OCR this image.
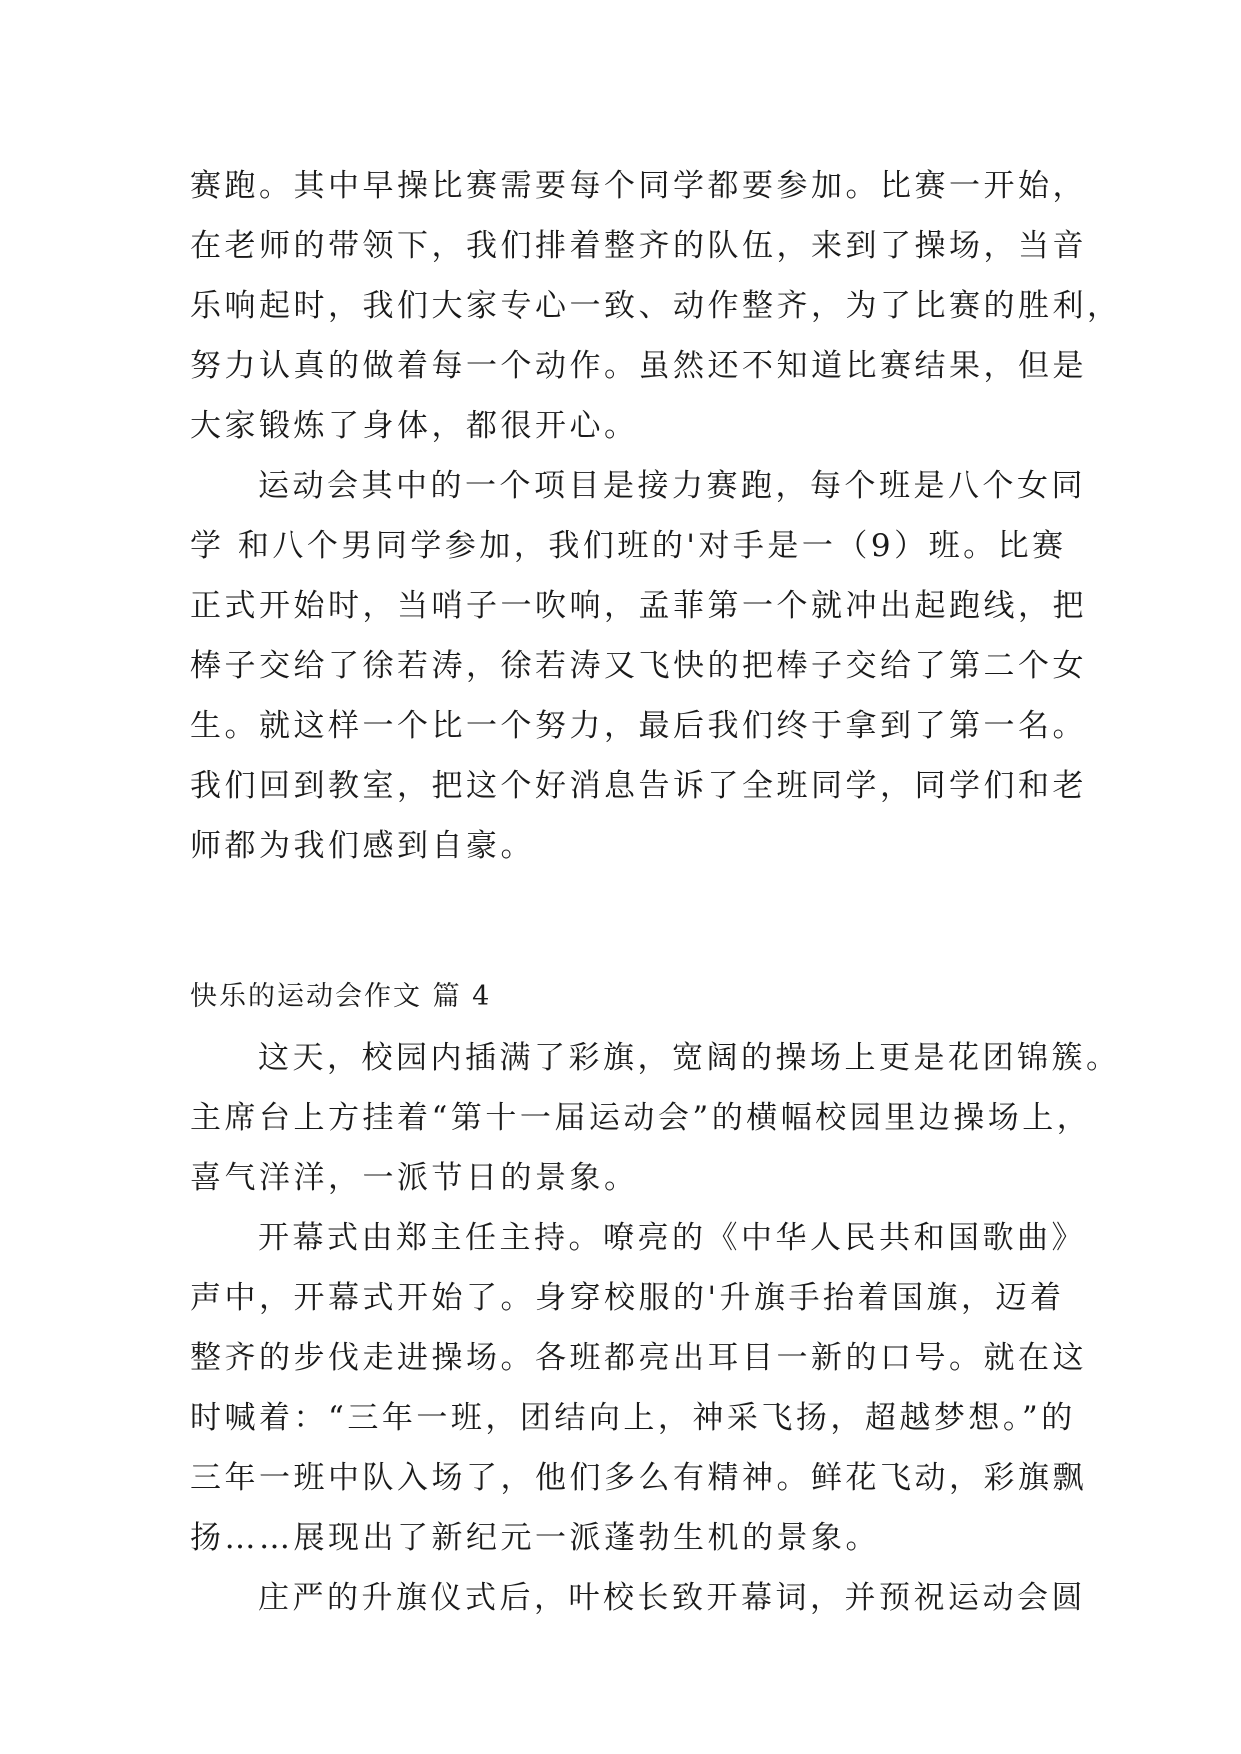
赛跑。其中早操比赛需要每个同学都要参加。比赛一开始，
在老师的带领下，我们排着整齐的队伍，来到了操场，当音
乐响起时，我们大家专心一致、动作整齐，为了比赛的胜利，
努力认真的做着每一个动作。虽然还不知道比赛结果，但是
大家锻炼了身体，都很开心。
运动会其中的一个项目是接力赛跑，每个班是八个女同
学 和八个男同学参加，我们班的'对手是一（9）班。比赛
正式开始时，当哨子一吹响，孟菲第一个就冲出起跑线，把
棒子交给了徐若涛，徐若涛又飞快的把棒子交给了第二个女
生。就这样一个比一个努力，最后我们终于拿到了第一名。
我们回到教室，把这个好消息告诉了全班同学，同学们和老
师都为我们感到自豪。
快乐的运动会作文 篇 4
这天，校园内插满了彩旗，宽阔的操场上更是花团锦簇。
主席台上方挂着“第十一届运动会”的横幅校园里边操场上，
喜气洋洋，一派节日的景象。
开幕式由郑主任主持。嘹亮的《中华人民共和国歌曲》
声中，开幕式开始了。身穿校服的'升旗手抬着国旗，迈着
整齐的步伐走进操场。各班都亮出耳目一新的口号。就在这
时喊着：“三年一班，团结向上，神采飞扬，超越梦想。”的
三年一班中队入场了，他们多么有精神。鲜花飞动，彩旗飘
扬……展现出了新纪元一派蓬勃生机的景象。
庄严的升旗仪式后，叶校长致开幕词，并预祝运动会圆
